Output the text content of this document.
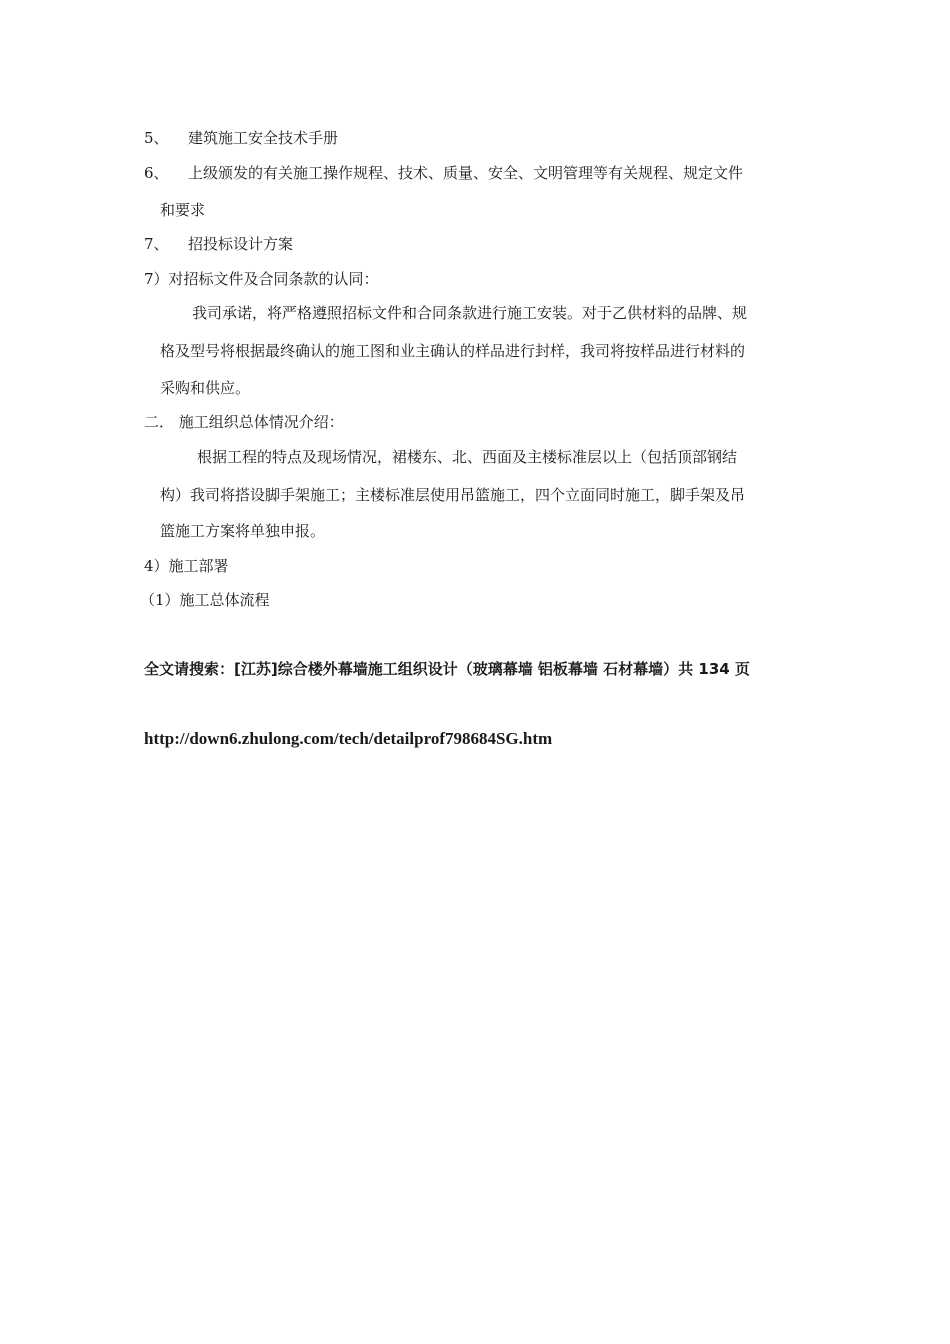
5、 建筑施工安全技术手册
6、 上级颁发的有关施工操作规程、技术、质量、安全、文明管理等有关规程、规定文件
和要求
7、 招投标设计方案
7）对招标文件及合同条款的认同：
我司承诺，将严格遵照招标文件和合同条款进行施工安装。对于乙供材料的品牌、规
格及型号将根据最终确认的施工图和业主确认的样品进行封样，我司将按样品进行材料的
采购和供应。
二． 施工组织总体情况介绍：
根据工程的特点及现场情况，裙楼东、北、西面及主楼标准层以上（包括顶部钢结
构）我司将搭设脚手架施工；主楼标准层使用吊篮施工，四个立面同时施工，脚手架及吊
篮施工方案将单独申报。
4）施工部署
（1）施工总体流程
全文请搜索：[江苏]综合楼外幕墙施工组织设计（玻璃幕墙 铝板幕墙 石材幕墙）共 134 页
http://down6.zhulong.com/tech/detailprof798684SG.htm
